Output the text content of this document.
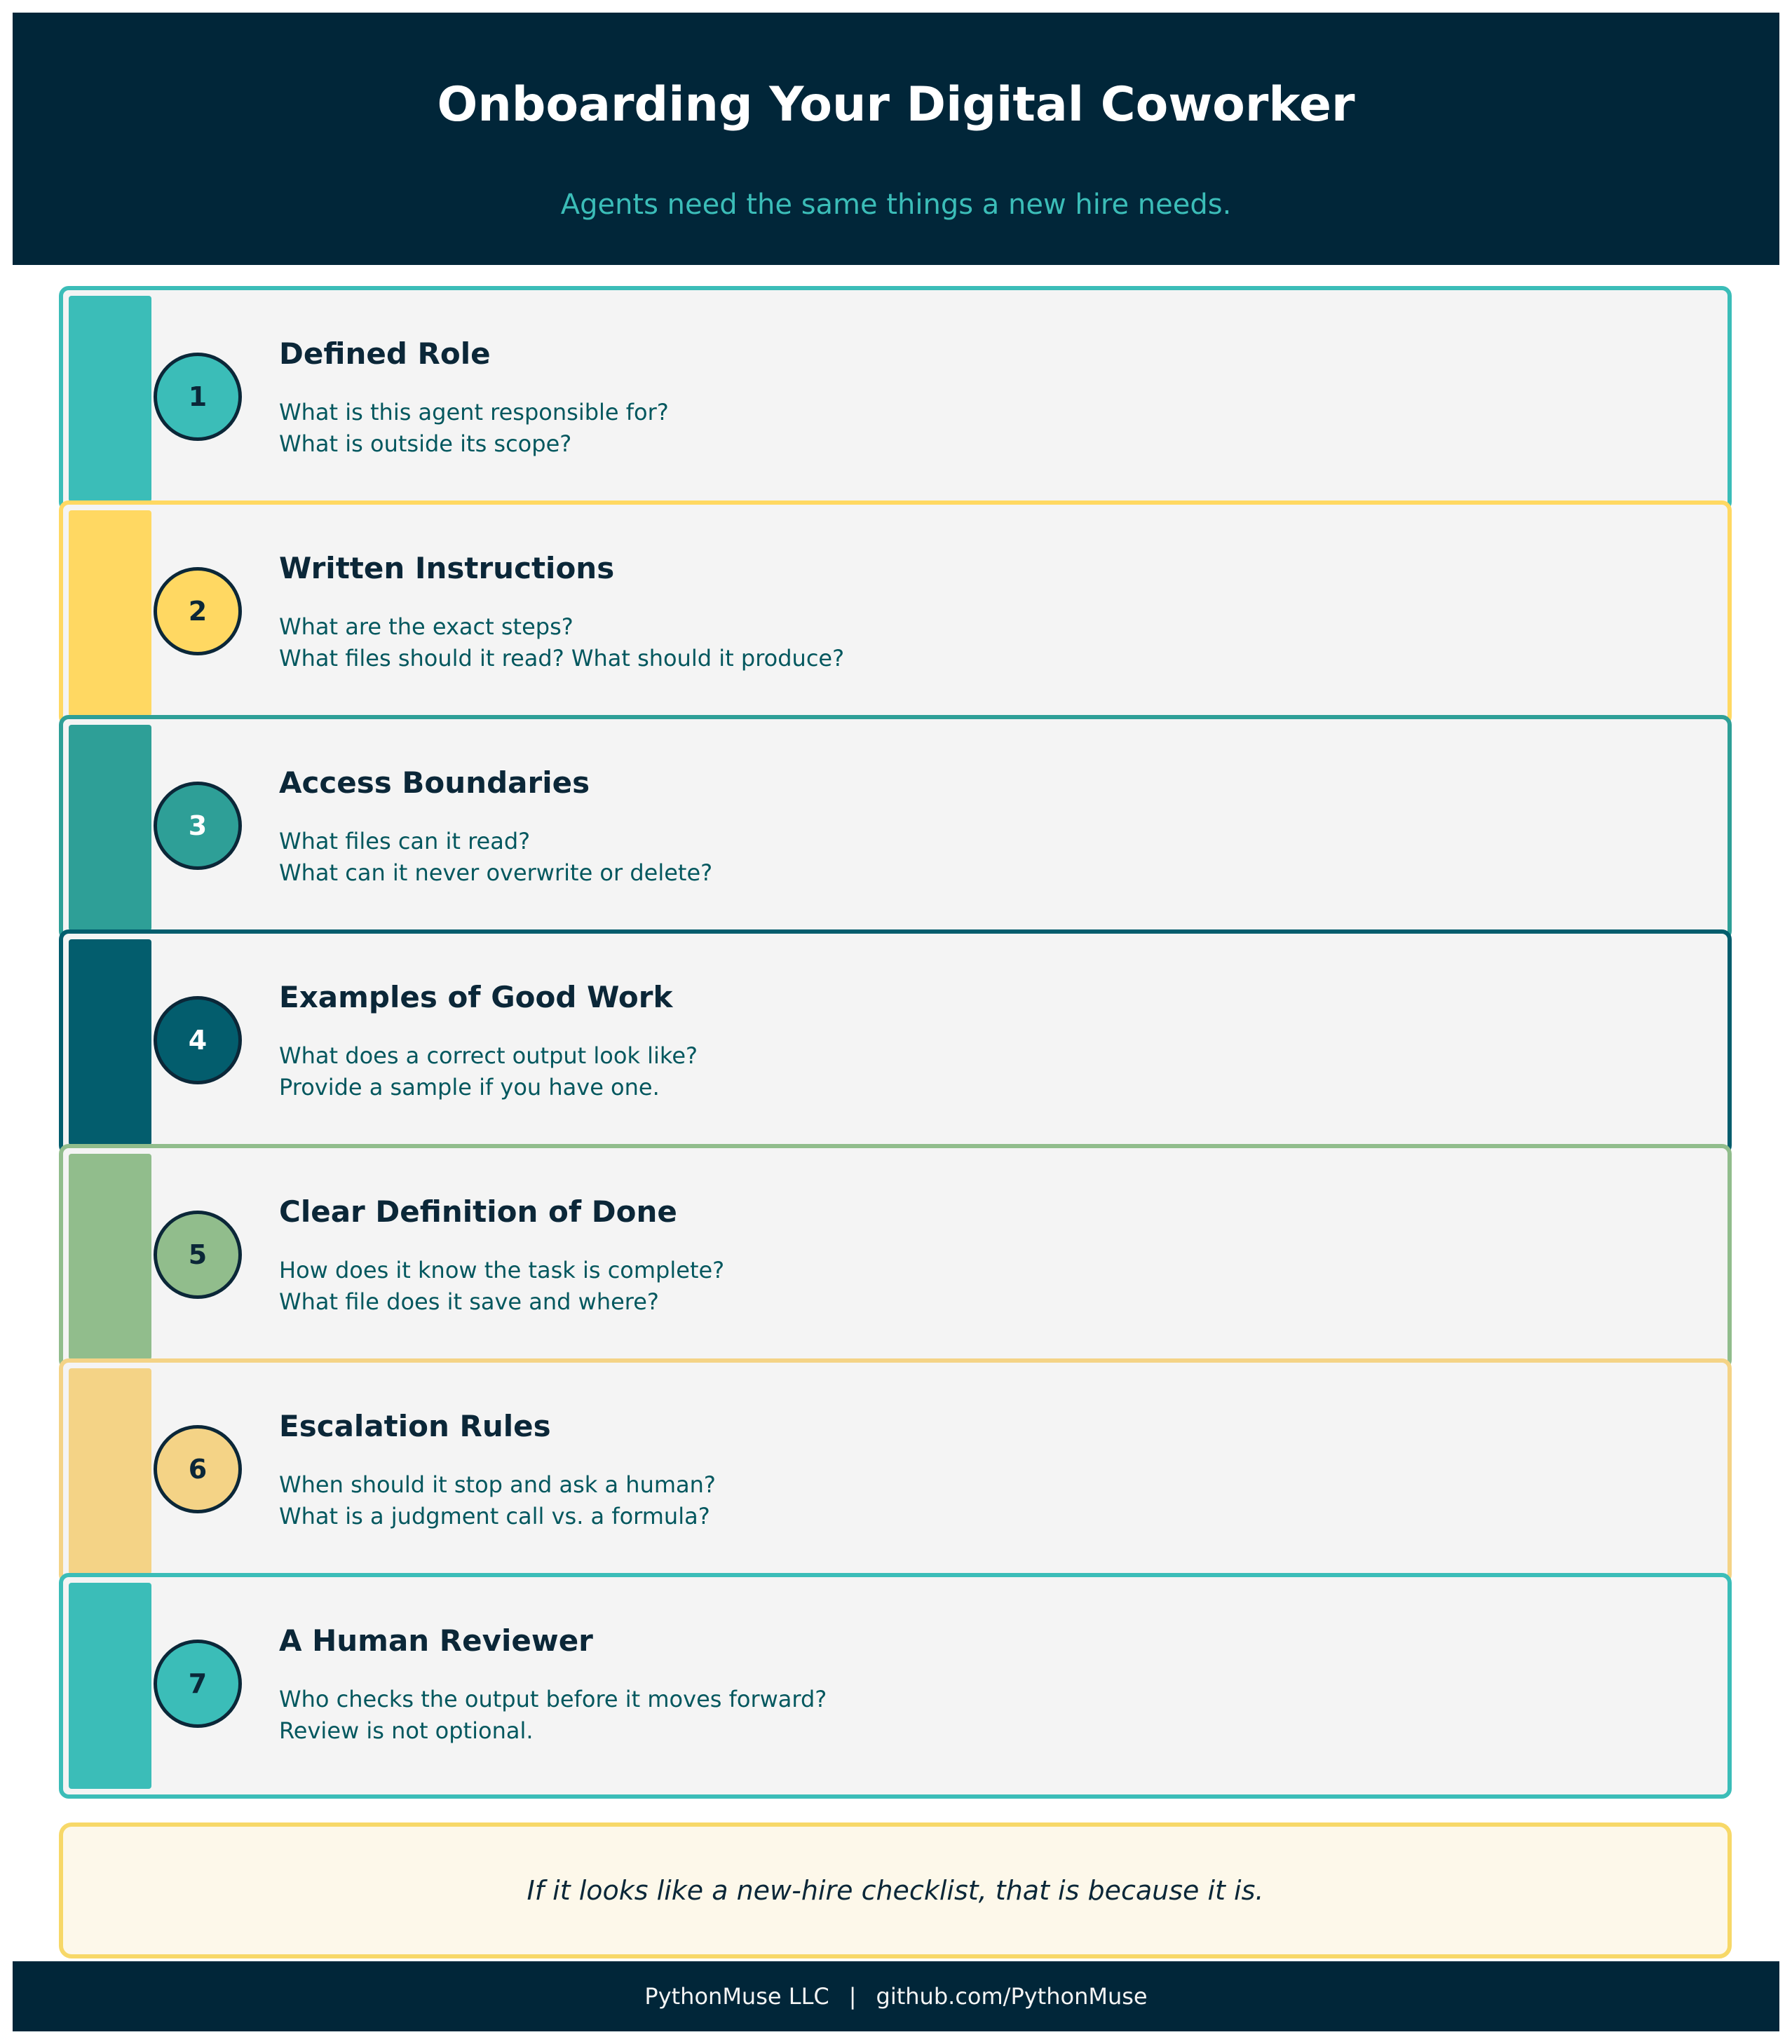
Onboarding Your Digital Coworker
Agents need the same things a new hire needs.
1
Defined Role
What is this agent responsible for?
What is outside its scope?
2
Written Instructions
What are the exact steps?
What files should it read? What should it produce?
3
Access Boundaries
What files can it read?
What can it never overwrite or delete?
4
Examples of Good Work
What does a correct output look like?
Provide a sample if you have one.
5
Clear Definition of Done
How does it know the task is complete?
What file does it save and where?
6
Escalation Rules
When should it stop and ask a human?
What is a judgment call vs. a formula?
7
A Human Reviewer
Who checks the output before it moves forward?
Review is not optional.
If it looks like a new-hire checklist, that is because it is.
PythonMuse LLC | github.com/PythonMuse
